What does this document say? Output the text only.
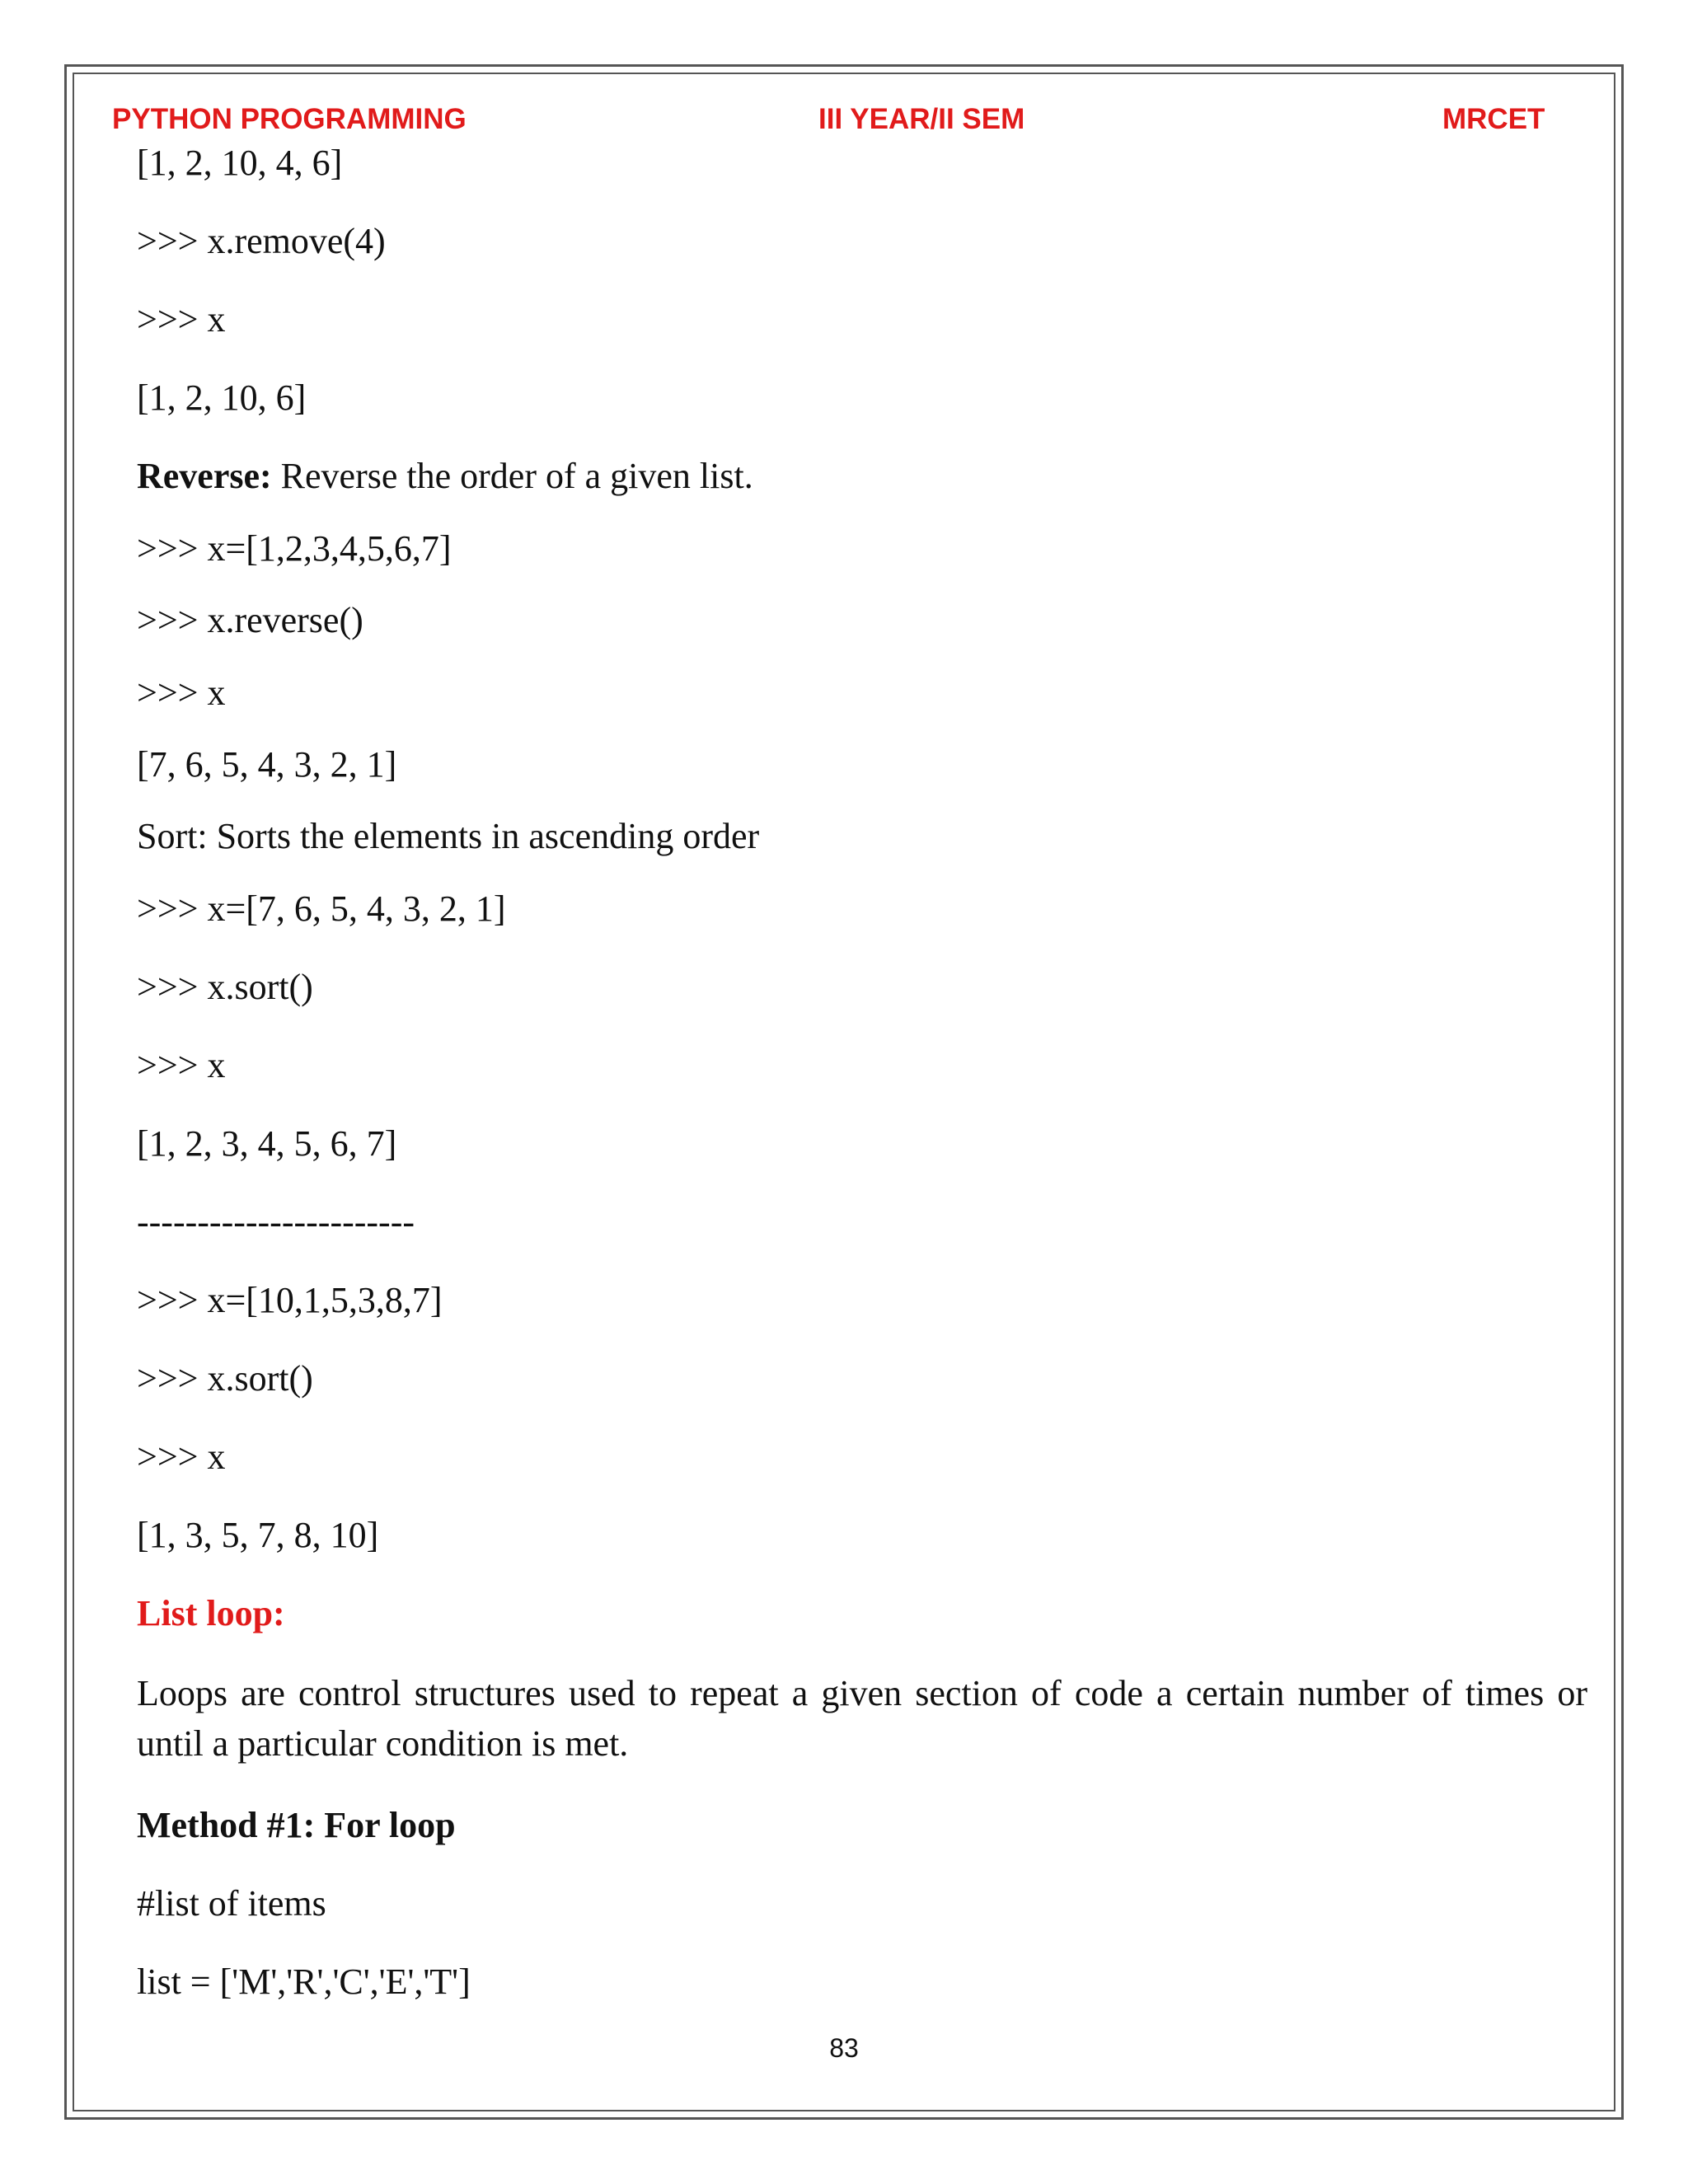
PYTHON PROGRAMMING	III YEAR/II SEM	MRCET
[1, 2, 10, 4, 6]
>>> x.remove(4)
>>> x
[1, 2, 10, 6]
Reverse: Reverse the order of a given list.
>>> x=[1,2,3,4,5,6,7]
>>> x.reverse()
>>> x
[7, 6, 5, 4, 3, 2, 1]
Sort: Sorts the elements in ascending order
>>> x=[7, 6, 5, 4, 3, 2, 1]
>>> x.sort()
>>> x
[1, 2, 3, 4, 5, 6, 7]
-----------------------
>>> x=[10,1,5,3,8,7]
>>> x.sort()
>>> x
[1, 3, 5, 7, 8, 10]
List loop:
Loops are control structures used to repeat a given section of code a certain number of times or until a particular condition is met.
Method #1: For loop
#list of items
list = ['M','R','C','E','T']
83
